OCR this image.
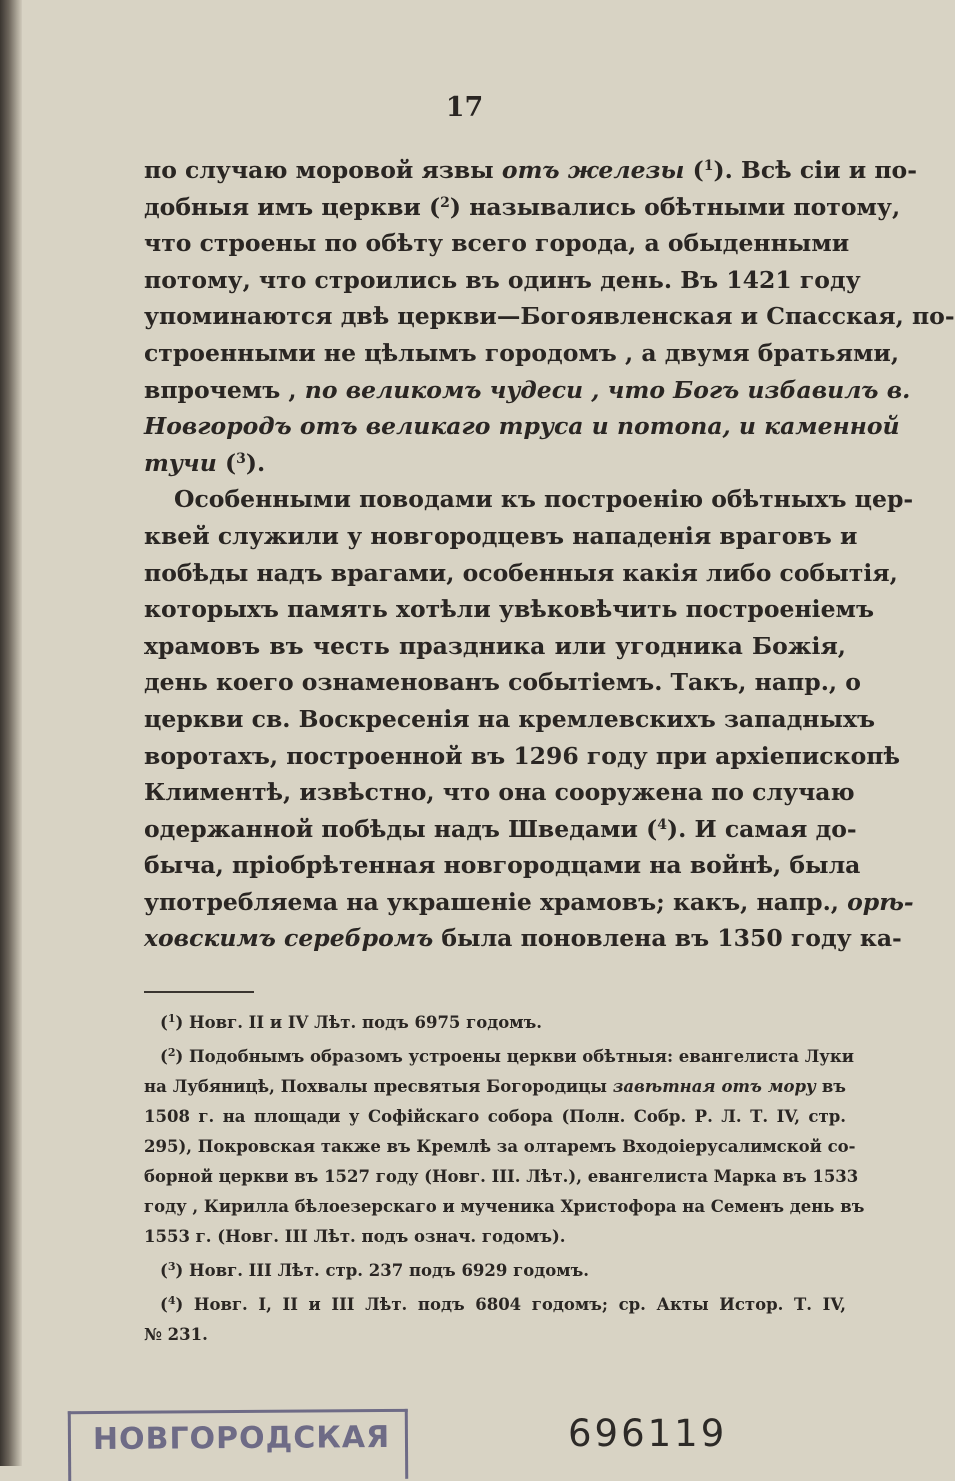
17
по случаю моровой язвы отъ железы ($^1$). Всѣ сіи и по-
добныя имъ церкви ($^2$) назывались обѣтными потому,
что строены по обѣту всего города, а обыденными
потому, что строились въ одинъ день. Въ 1421 году
упоминаются двѣ церкви—Богоявленская и Спасская, по-
строенными не цѣлымъ городомъ , а двумя братьями,
впрочемъ , по великомъ чудеси , что Богъ избавилъ в.
Новгородъ отъ великаго труса и потопа, и каменной
тучи ($^3$).
Особенными поводами къ построенію обѣтныхъ цер-
квей служили у новгородцевъ нападенія враговъ и
побѣды надъ врагами, особенныя какія либо событія,
которыхъ память хотѣли увѣковѣчить построеніемъ
храмовъ въ честь праздника или угодника Божія,
день коего ознаменованъ событіемъ. Такъ, напр., о
церкви св. Воскресенія на кремлевскихъ западныхъ
воротахъ, построенной въ 1296 году при архіепископѣ
Климентѣ, извѣстно, что она сооружена по случаю
одержанной побѣды надъ Шведами ($^4$). И самая до-
бычa, пріобрѣтенная новгородцами на войнѣ, была
употребляема на украшеніе храмовъ; какъ, напр., орѣ-
ховскимъ серебромъ была поновлена въ 1350 году ка-
($^1$) Новг. II и IV Лѣт. подъ 6975 годомъ.
($^2$) Подобнымъ образомъ устроены церкви обѣтныя: евангелиста Луки
на Лубяницѣ, Похвалы пресвятыя Богородицы завѣтная отъ мору въ
1508 г. на площади у Софійскаго собора (Полн. Собр. Р. Л. Т. IV, стр.
295), Покровская также въ Кремлѣ за олтаремъ Входоіерусалимской со-
борной церкви въ 1527 году (Новг. III. Лѣт.), евангелиста Марка въ 1533
году , Кирилла бѣлоезерскаго и мученика Христофора на Семенъ день въ
1553 г. (Новг. III Лѣт. подъ означ. годомъ).
($^3$) Новг. III Лѣт. стр. 237 подъ 6929 годомъ.
($^4$) Новг. I, II и III Лѣт. подъ 6804 годомъ; ср. Акты Истор. Т. IV,
№ 231.
НОВГОРОДСКАЯ	696119
